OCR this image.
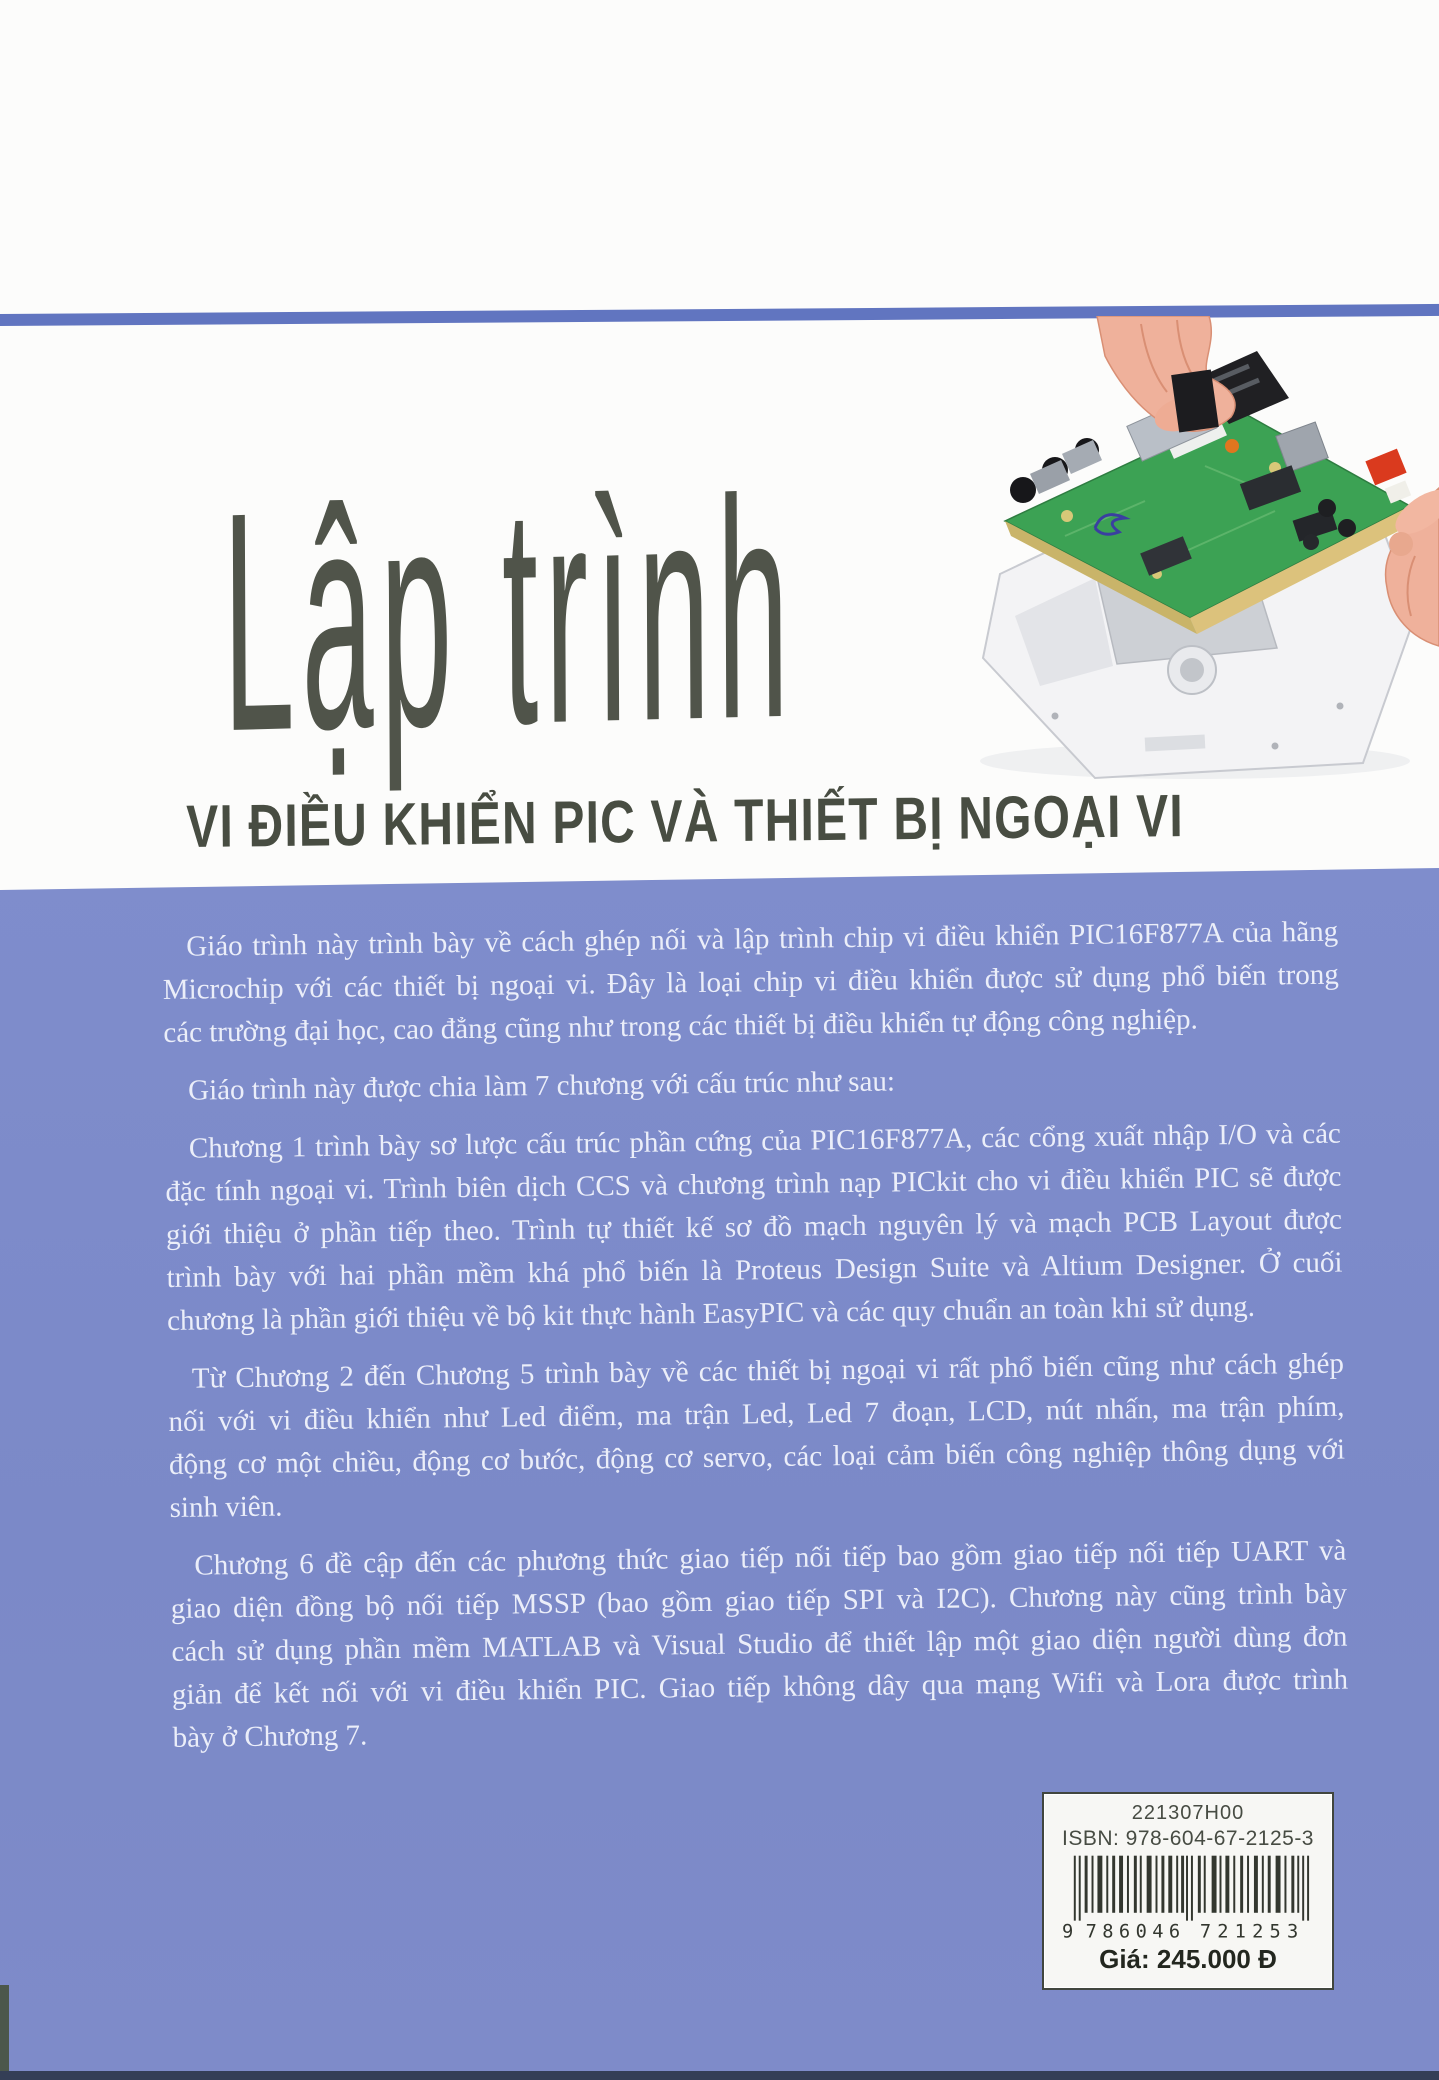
Lập trình
VI ĐIỀU KHIỂN PIC VÀ THIẾT BỊ NGOẠI VI
Giáo trình này trình bày về cách ghép nối và lập trình chip vi điều khiển PIC16F877A của hãng
Microchip với các thiết bị ngoại vi. Đây là loại chip vi điều khiển được sử dụng phổ biến trong
các trường đại học, cao đẳng cũng như trong các thiết bị điều khiển tự động công nghiệp.
Giáo trình này được chia làm 7 chương với cấu trúc như sau:
Chương 1 trình bày sơ lược cấu trúc phần cứng của PIC16F877A, các cổng xuất nhập I/O và các
đặc tính ngoại vi. Trình biên dịch CCS và chương trình nạp PICkit cho vi điều khiển PIC sẽ được
giới thiệu ở phần tiếp theo. Trình tự thiết kế sơ đồ mạch nguyên lý và mạch PCB Layout được
trình bày với hai phần mềm khá phổ biến là Proteus Design Suite và Altium Designer. Ở cuối
chương là phần giới thiệu về bộ kit thực hành EasyPIC và các quy chuẩn an toàn khi sử dụng.
Từ Chương 2 đến Chương 5 trình bày về các thiết bị ngoại vi rất phổ biến cũng như cách ghép
nối với vi điều khiển như Led điểm, ma trận Led, Led 7 đoạn, LCD, nút nhấn, ma trận phím,
động cơ một chiều, động cơ bước, động cơ servo, các loại cảm biến công nghiệp thông dụng với
sinh viên.
Chương 6 đề cập đến các phương thức giao tiếp nối tiếp bao gồm giao tiếp nối tiếp UART và
giao diện đồng bộ nối tiếp MSSP (bao gồm giao tiếp SPI và I2C). Chương này cũng trình bày
cách sử dụng phần mềm MATLAB và Visual Studio để thiết lập một giao diện người dùng đơn
giản để kết nối với vi điều khiển PIC. Giao tiếp không dây qua mạng Wifi và Lora được trình
bày ở Chương 7.
221307H00
ISBN: 978-604-67-2125-3
9 786046 721253
Giá: 245.000 Đ
